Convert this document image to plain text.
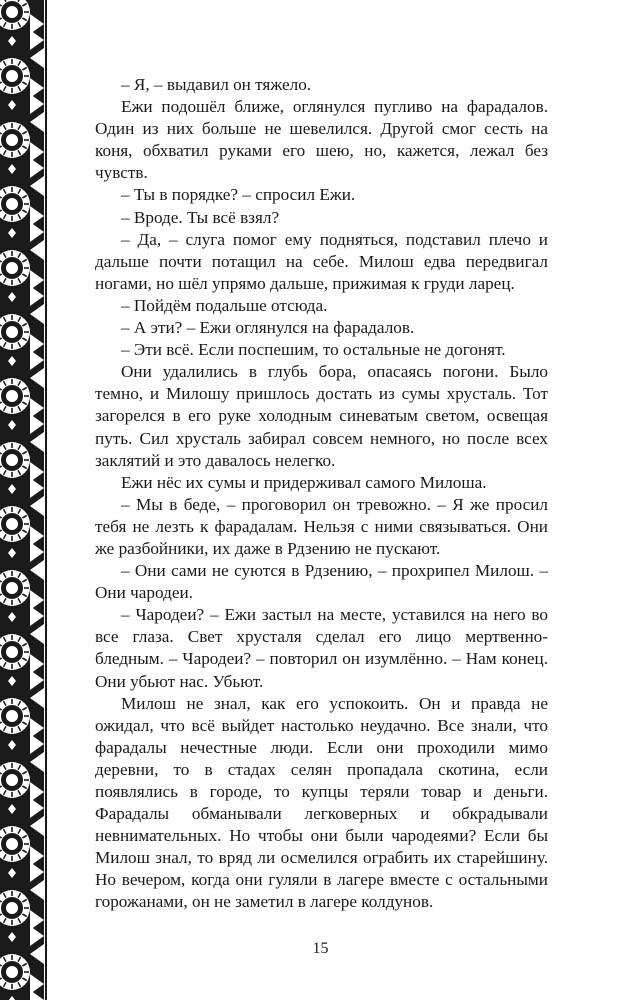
– Я, – выдавил он тяжело.

Ежи подошёл ближе, оглянулся пугливо на фарадалов. Один из них больше не шевелился. Другой смог сесть на коня, обхватил руками его шею, но, кажется, лежал без чувств.

– Ты в порядке? – спросил Ежи.

– Вроде. Ты всё взял?

– Да, – слуга помог ему подняться, подставил плечо и дальше почти потащил на себе. Милош едва передвигал ногами, но шёл упрямо дальше, прижимая к груди ларец.

– Пойдём подальше отсюда.

– А эти? – Ежи оглянулся на фарадалов.

– Эти всё. Если поспешим, то остальные не догонят.

Они удалились в глубь бора, опасаясь погони. Было темно, и Милошу пришлось достать из сумы хрусталь. Тот загорелся в его руке холодным синеватым светом, освещая путь. Сил хрусталь забирал совсем немного, но после всех заклятий и это давалось нелегко.

Ежи нёс их сумы и придерживал самого Милоша.

– Мы в беде, – проговорил он тревожно. – Я же просил тебя не лезть к фарадалам. Нельзя с ними связываться. Они же разбойники, их даже в Рдзению не пускают.

– Они сами не суются в Рдзению, – прохрипел Милош. – Они чародеи.

– Чародеи? – Ежи застыл на месте, уставился на него во все глаза. Свет хрусталя сделал его лицо мертвенно-бледным. – Чародеи? – повторил он изумлённо. – Нам конец. Они убьют нас. Убьют.

Милош не знал, как его успокоить. Он и правда не ожидал, что всё выйдет настолько неудачно. Все знали, что фарадалы нечестные люди. Если они проходили мимо деревни, то в стадах селян пропадала скотина, если появлялись в городе, то купцы теряли товар и деньги. Фарадалы обманывали легковерных и обкрадывали невнимательных. Но чтобы они были чародеями? Если бы Милош знал, то вряд ли осмелился ограбить их старейшину. Но вечером, когда они гуляли в лагере вместе с остальными горожанами, он не заметил в лагере колдунов.

15
